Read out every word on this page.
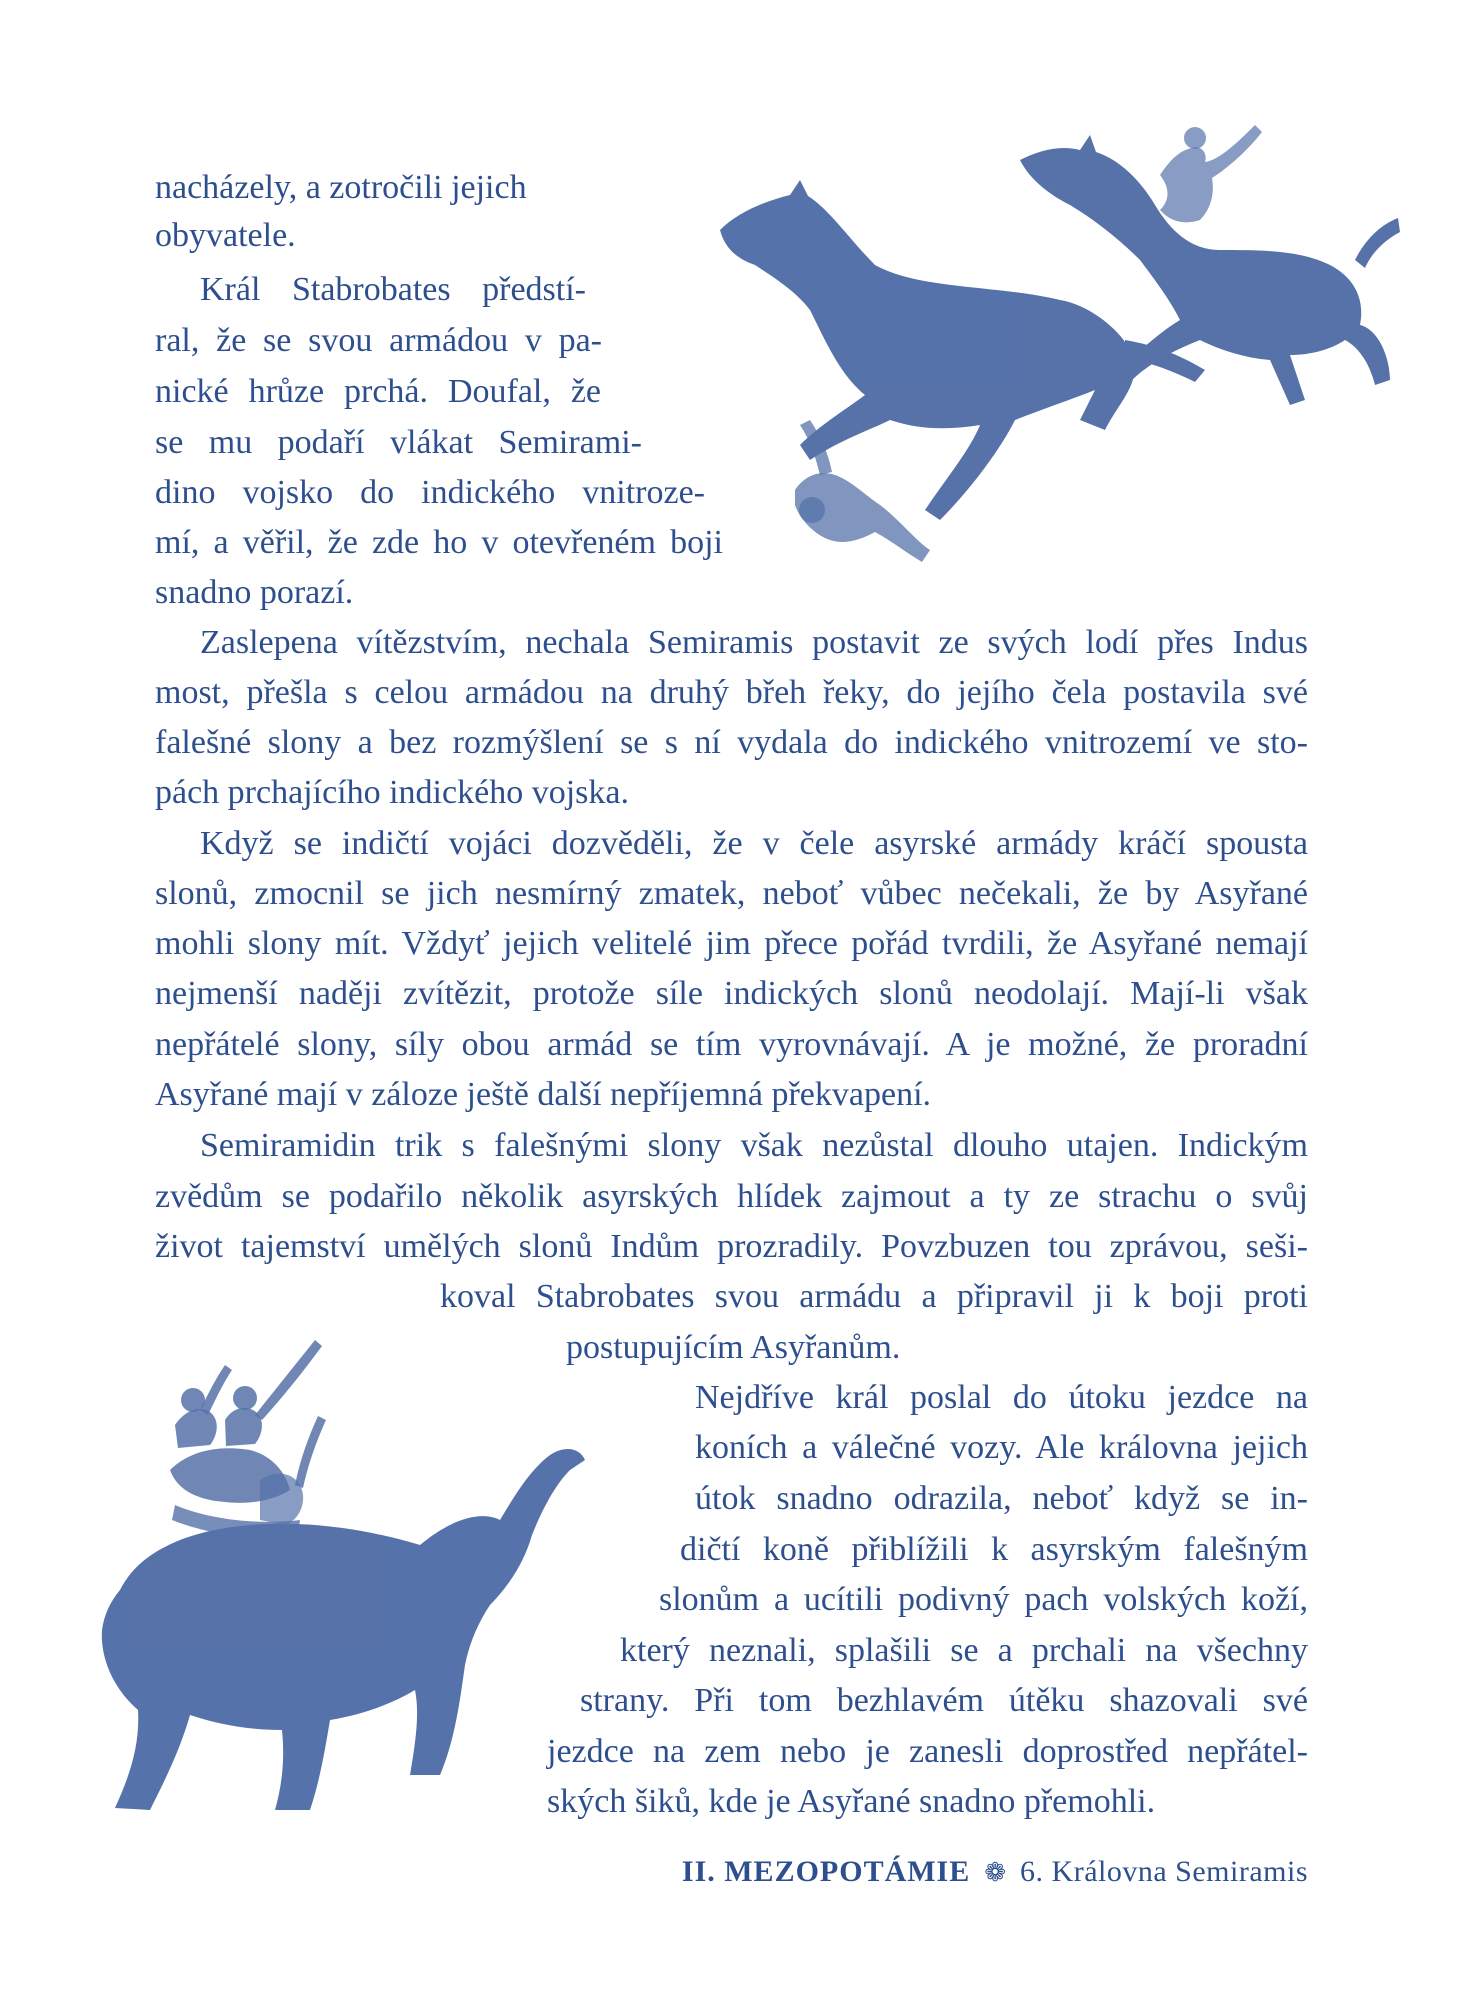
nacházely, a zotročili jejich
obyvatele.
Král Stabrobates předstí-
ral, že se svou armádou v pa-
nické hrůze prchá. Doufal, že
se mu podaří vlákat Semirami-
dino vojsko do indického vnitroze-
mí, a věřil, že zde ho v otevřeném boji
snadno porazí.
Zaslepena vítězstvím, nechala Semiramis postavit ze svých lodí přes Indus
most, přešla s celou armádou na druhý břeh řeky, do jejího čela postavila své
falešné slony a bez rozmýšlení se s ní vydala do indického vnitrozemí ve sto-
pách prchajícího indického vojska.
Když se indičtí vojáci dozvěděli, že v čele asyrské armády kráčí spousta
slonů, zmocnil se jich nesmírný zmatek, neboť vůbec nečekali, že by Asyřané
mohli slony mít. Vždyť jejich velitelé jim přece pořád tvrdili, že Asyřané nemají
nejmenší naději zvítězit, protože síle indických slonů neodolají. Mají-li však
nepřátelé slony, síly obou armád se tím vyrovnávají. A je možné, že proradní
Asyřané mají v záloze ještě další nepříjemná překvapení.
Semiramidin trik s falešnými slony však nezůstal dlouho utajen. Indickým
zvědům se podařilo několik asyrských hlídek zajmout a ty ze strachu o svůj
život tajemství umělých slonů Indům prozradily. Povzbuzen tou zprávou, seši-
koval Stabrobates svou armádu a připravil ji k boji proti
postupujícím Asyřanům.
Nejdříve král poslal do útoku jezdce na
koních a válečné vozy. Ale královna jejich
útok snadno odrazila, neboť když se in-
dičtí koně přiblížili k asyrským falešným
slonům a ucítili podivný pach volských koží,
který neznali, splašili se a prchali na všechny
strany. Při tom bezhlavém útěku shazovali své
jezdce na zem nebo je zanesli doprostřed nepřátel-
ských šiků, kde je Asyřané snadno přemohli.
II. MEZOPOTÁMIE ❁ 6. Královna Semiramis
